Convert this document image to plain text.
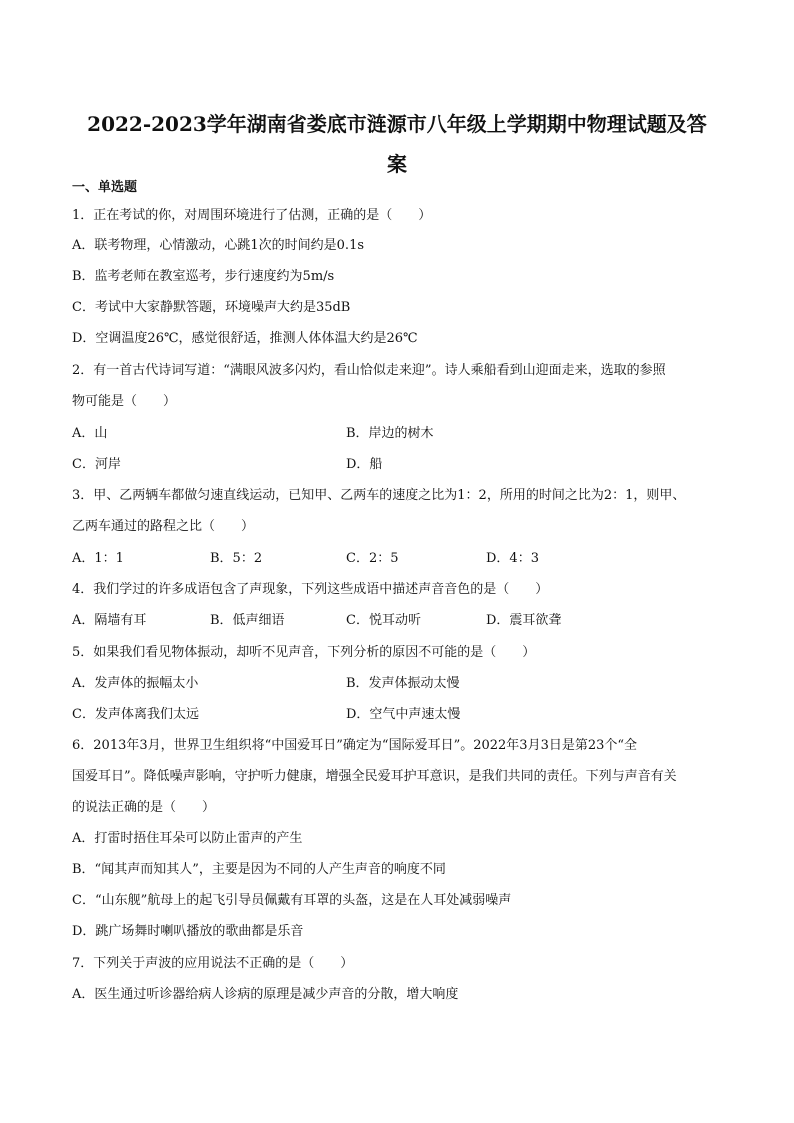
2022-2023学年湖南省娄底市涟源市八年级上学期期中物理试题及答
案
一、单选题
1．正在考试的你，对周围环境进行了估测，正确的是（　　）
A．联考物理，心情激动，心跳1次的时间约是0.1s
B．监考老师在教室巡考，步行速度约为5m/s
C．考试中大家静默答题，环境噪声大约是35dB
D．空调温度26℃，感觉很舒适，推测人体体温大约是26℃
2．有一首古代诗词写道：“满眼风波多闪灼，看山恰似走来迎”。诗人乘船看到山迎面走来，选取的参照
物可能是（　　）
A．山	B．岸边的树木
C．河岸	D．船
3．甲、乙两辆车都做匀速直线运动，已知甲、乙两车的速度之比为1：2，所用的时间之比为2：1，则甲、
乙两车通过的路程之比（　　）
A．1：1	B．5：2	C．2：5	D．4：3
4．我们学过的许多成语包含了声现象，下列这些成语中描述声音音色的是（　　）
A．隔墙有耳	B．低声细语	C．悦耳动听	D．震耳欲聋
5．如果我们看见物体振动，却听不见声音，下列分析的原因不可能的是（　　）
A．发声体的振幅太小	B．发声体振动太慢
C．发声体离我们太远	D．空气中声速太慢
6．2013年3月，世界卫生组织将“中国爱耳日”确定为“国际爱耳日”。2022年3月3日是第23个“全
国爱耳日”。降低噪声影响，守护听力健康，增强全民爱耳护耳意识，是我们共同的责任。下列与声音有关
的说法正确的是（　　）
A．打雷时捂住耳朵可以防止雷声的产生
B．“闻其声而知其人”，主要是因为不同的人产生声音的响度不同
C．“山东舰”航母上的起飞引导员佩戴有耳罩的头盔，这是在人耳处减弱噪声
D．跳广场舞时喇叭播放的歌曲都是乐音
7．下列关于声波的应用说法不正确的是（　　）
A．医生通过听诊器给病人诊病的原理是减少声音的分散，增大响度
